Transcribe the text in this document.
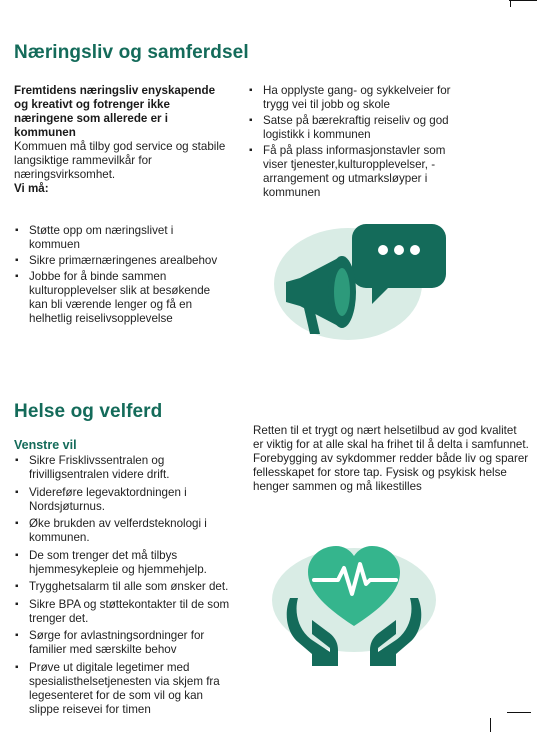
Næringsliv og samferdsel
Fremtidens næringsliv enyskapende og kreativt og fotrenger ikke næringene som allerede er i kommunen
Kommuen må tilby god service og stabile langsiktige rammevilkår for næringsvirksomhet.
Vi må:
▪ Støtte opp om næringslivet i kommuen
▪ Sikre primærnæringenes arealbehov
▪ Jobbe for å binde sammen kulturopplevelser slik at besøkende kan bli værende lenger og få en helhetlig reiselivsopplevelse
▪ Ha opplyste gang- og sykkelveier for trygg vei til jobb og skole
▪ Satse på bærekraftig reiseliv og god logistikk i kommunen
▪ Få på plass informasjonstavler som viser tjenester,kulturopplevelser, - arrangement og utmarksløyper i kommunen
Helse og velferd
Venstre vil
▪ Sikre Frisklivssentralen og frivilligsentralen videre drift.
▪ Videreføre legevaktordningen i Nordsjøturnus.
▪ Øke brukden av velferdsteknologi i kommunen.
▪ De som trenger det må tilbys hjemmesykepleie og hjemmehjelp.
▪ Trygghetsalarm til alle som ønsker det.
▪ Sikre BPA og støttekontakter til de som trenger det.
▪ Sørge for avlastningsordninger for familier med særskilte behov
▪ Prøve ut digitale legetimer med spesialisthelsetjenesten via skjem fra legesenteret for de som vil og kan slippe reisevei for timen
Retten til et trygt og nært helsetilbud av god kvalitet er viktig for at alle skal ha frihet til å delta i samfunnet. Forebygging av sykdommer redder både liv og sparer fellesskapet for store tap. Fysisk og psykisk helse henger sammen og må likestilles
